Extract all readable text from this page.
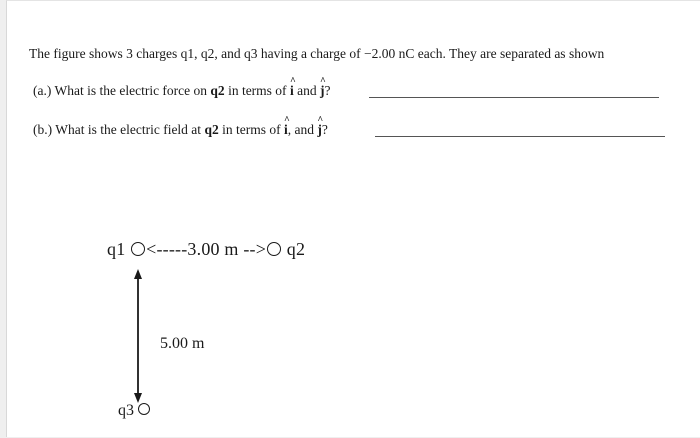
The figure shows 3 charges q1, q2, and q3 having a charge of −2.00 nC each. They are separated as shown
(a.) What is the electric force on q2 in terms of ^ i and ^ j?
(b.) What is the electric field at q2 in terms of ^ i, and ^ j?
q1 <-----3.00 m --> q2
5.00 m
q3
